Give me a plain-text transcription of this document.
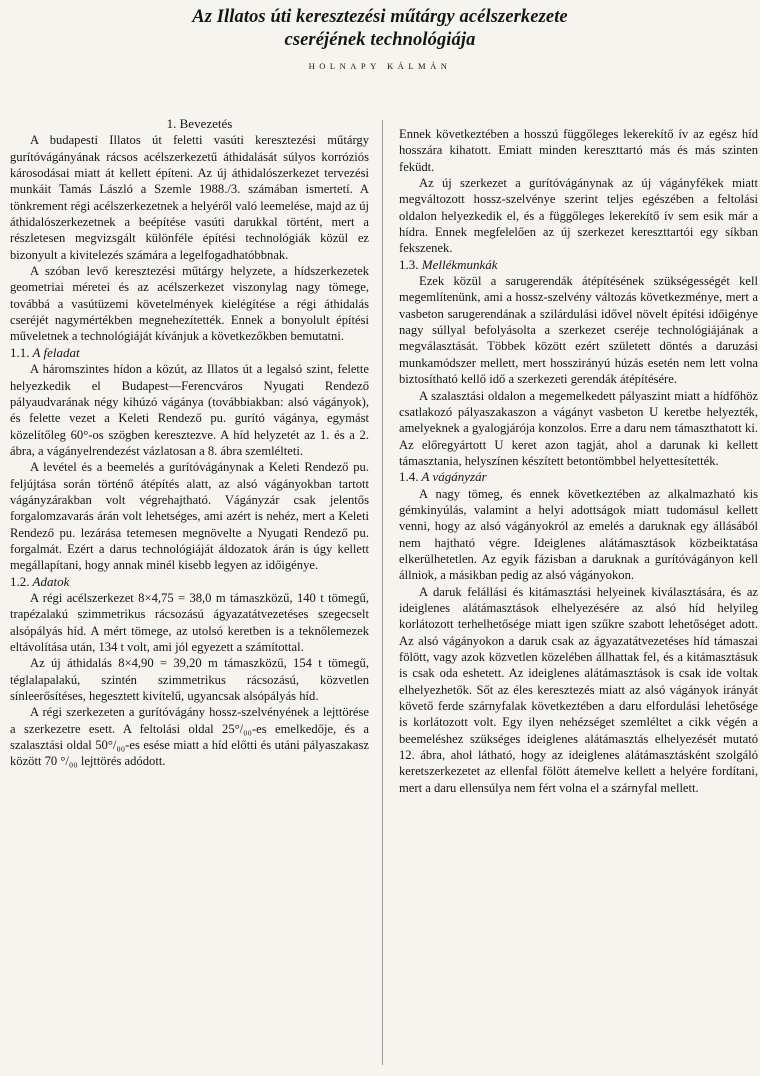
Az Illatos úti keresztezési műtárgy acélszerkezete
cseréjének technológiája
HOLNAPY KÁLMÁN

1. Bevezetés

A budapesti Illatos út feletti vasúti keresztezési műtárgy gurítóvágányának rácsos acélszerkezetű áthidalását súlyos korróziós károsodásai miatt át kellett építeni. Az új áthidalószerkezet tervezési munkáit Tamás László a Szemle 1988./3. számában ismertetí. A tönkrement régi acélszerkezetnek a helyéről való leemelése, majd az új áthidalószerkezetnek a beépítése vasúti darukkal történt, mert a részletesen megvizsgált különféle építési technológiák közül ez bizonyult a kivitelezés számára a legelfogadhatóbbnak.

A szóban levő keresztezési műtárgy helyzete, a hídszerkezetek geometriai méretei és az acélszerkezet viszonylag nagy tömege, továbbá a vasútüzemi követelmények kielégítése a régi áthidalás cseréjét nagymértékben megnehezítették. Ennek a bonyolult építési műveletnek a technológiáját kívánjuk a következőkben bemutatni.

1.1. A feladat

A háromszintes hídon a közút, az Illatos út a legalsó szint, felette helyezkedik el Budapest—Ferencváros Nyugati Rendező pályaudvarának négy kihúzó vágánya (továbbiakban: alsó vágányok), és felette vezet a Keleti Rendező pu. gurító vágánya, egymást közelítőleg 60°-os szögben keresztezve. A híd helyzetét az 1. és a 2. ábra, a vágányelrendezést vázlatosan a 8. ábra szemlélteti.

A levétel és a beemelés a gurítóvágánynak a Keleti Rendező pu. feljújtása során történő átépítés alatt, az alsó vágányokban tartott vágányzárakban volt végrehajtható. Vágányzár csak jelentős forgalomzavarás árán volt lehetséges, ami azért is nehéz, mert a Keleti Rendező pu. lezárása tetemesen megnövelte a Nyugati Rendező pu. forgalmát. Ezért a darus technológiáját áldozatok árán is úgy kellett megállapítani, hogy annak minél kisebb legyen az időigénye.

1.2. Adatok

A régi acélszerkezet 8×4,75 = 38,0 m támaszközű, 140 t tömegű, trapézalakú szimmetrikus rácsozású ágyazatátvezetéses szegecselt alsópályás híd. A mért tömege, az utolsó keretben is a teknőlemezek eltávolítása után, 134 t volt, ami jól egyezett a számítottal.

Az új áthidalás 8×4,90 = 39,20 m támaszközű, 154 t tömegű, téglalapalakú, szintén szimmetrikus rácsozású, közvetlen sínleerősítéses, hegesztett kivitelű, ugyancsak alsópályás híd.

A régi szerkezeten a gurítóvágány hossz-szelvényének a lejttörése a szerkezetre esett. A feltolási oldal 25°/₀₀-es emelkedője, és a szalasztási oldal 50°/₀₀-es esése miatt a híd előtti és utáni pályaszakasz között 70 °/₀₀ lejttörés adódott.

Ennek következtében a hosszú függőleges lekerekítő ív az egész híd hosszára kihatott. Emiatt minden kereszttartó más és más szinten feküdt.

Az új szerkezet a gurítóvágánynak az új vágányfékek miatt megváltozott hossz-szelvénye szerint teljes egészében a feltolási oldalon helyezkedik el, és a függőleges lekerekítő ív sem esik már a hídra. Ennek megfelelően az új szerkezet kereszttartói egy síkban fekszenek.

1.3. Mellékmunkák

Ezek közül a sarugerendák átépítésének szükségességét kell megemlítenünk, ami a hossz-szelvény változás következménye, mert a vasbeton sarugerendának a szilárdulási idővel növelt építési időigénye nagy súllyal befolyásolta a szerkezet cseréje technológiájának a megválasztását. Többek között ezért született döntés a daruzási munkamódszer mellett, mert hosszirányú húzás esetén nem lett volna biztosítható kellő idő a szerkezeti gerendák átépítésére.

A szalasztási oldalon a megemelkedett pályaszint miatt a hídfőhöz csatlakozó pályaszakaszon a vágányt vasbeton U keretbe helyezték, amelyeknek a gyalogjárója konzolos. Erre a daru nem támaszthatott ki. Az előregyártott U keret azon tagját, ahol a darunak ki kellett támasztania, helyszínen készített betontömbbel helyettesítették.

1.4. A vágányzár

A nagy tömeg, és ennek következtében az alkalmazható kis gémkinyúlás, valamint a helyi adottságok miatt tudomásul kellett venni, hogy az alsó vágányokról az emelés a daruknak egy állásából nem hajtható végre. Ideiglenes alátámasztások közbeiktatása elkerülhetetlen. Az egyik fázisban a daruknak a gurítóvágányon kell állniok, a másikban pedig az alsó vágányokon.

A daruk felállási és kitámasztási helyeinek kiválasztására, és az ideiglenes alátámasztások elhelyezésére az alsó híd helyileg korlátozott terhelhetősége miatt igen szűkre szabott lehetőséget adott. Az alsó vágányokon a daruk csak az ágyazatátvezetéses híd támaszai fölött, vagy azok közvetlen közelében állhattak fel, és a kitámasztásuk is csak oda eshetett. Az ideiglenes alátámasztások is csak ide voltak elhelyezhetők. Sőt az éles keresztezés miatt az alsó vágányok irányát követő ferde szárnyfalak következtében a daru elfordulási lehetősége is korlátozott volt. Egy ilyen nehézséget szemléltet a cikk végén a beemeléshez szükséges ideiglenes alátámasztás elhelyezését mutató 12. ábra, ahol látható, hogy az ideiglenes alátámasztásként szolgáló keretszerkezetet az ellenfal fölött átemelve kellett a helyére fordítani, mert a daru ellensúlya nem fért volna el a szárnyfal mellett.
